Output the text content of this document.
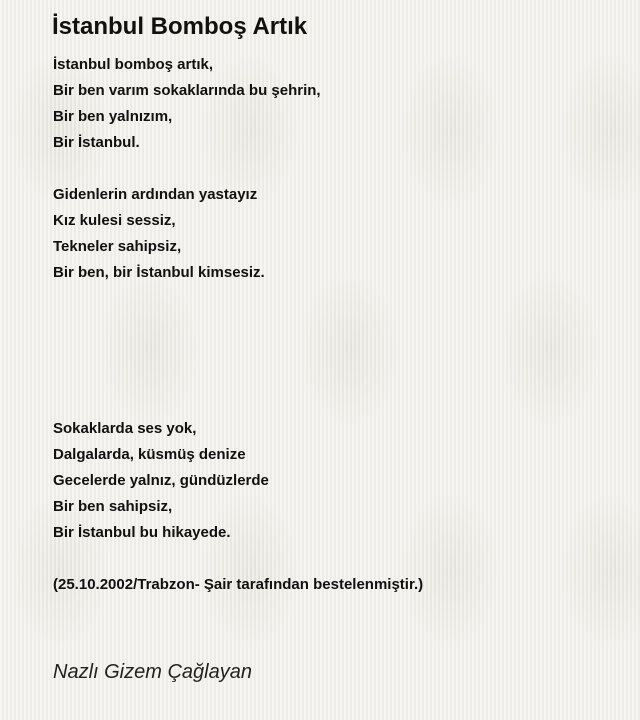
İstanbul Bomboş Artık
İstanbul bomboş artık,
Bir ben varım sokaklarında bu şehrin,
Bir ben yalnızım,
Bir İstanbul.
Gidenlerin ardından yastayız
Kız kulesi sessiz,
Tekneler sahipsiz,
Bir ben, bir İstanbul kimsesiz.
Sokaklarda ses yok,
Dalgalarda, küsmüş denize
Gecelerde yalnız, gündüzlerde
Bir ben sahipsiz,
Bir İstanbul bu hikayede.

(25.10.2002/Trabzon- Şair tarafından bestelenmiştir.)

Nazlı Gizem Çağlayan
